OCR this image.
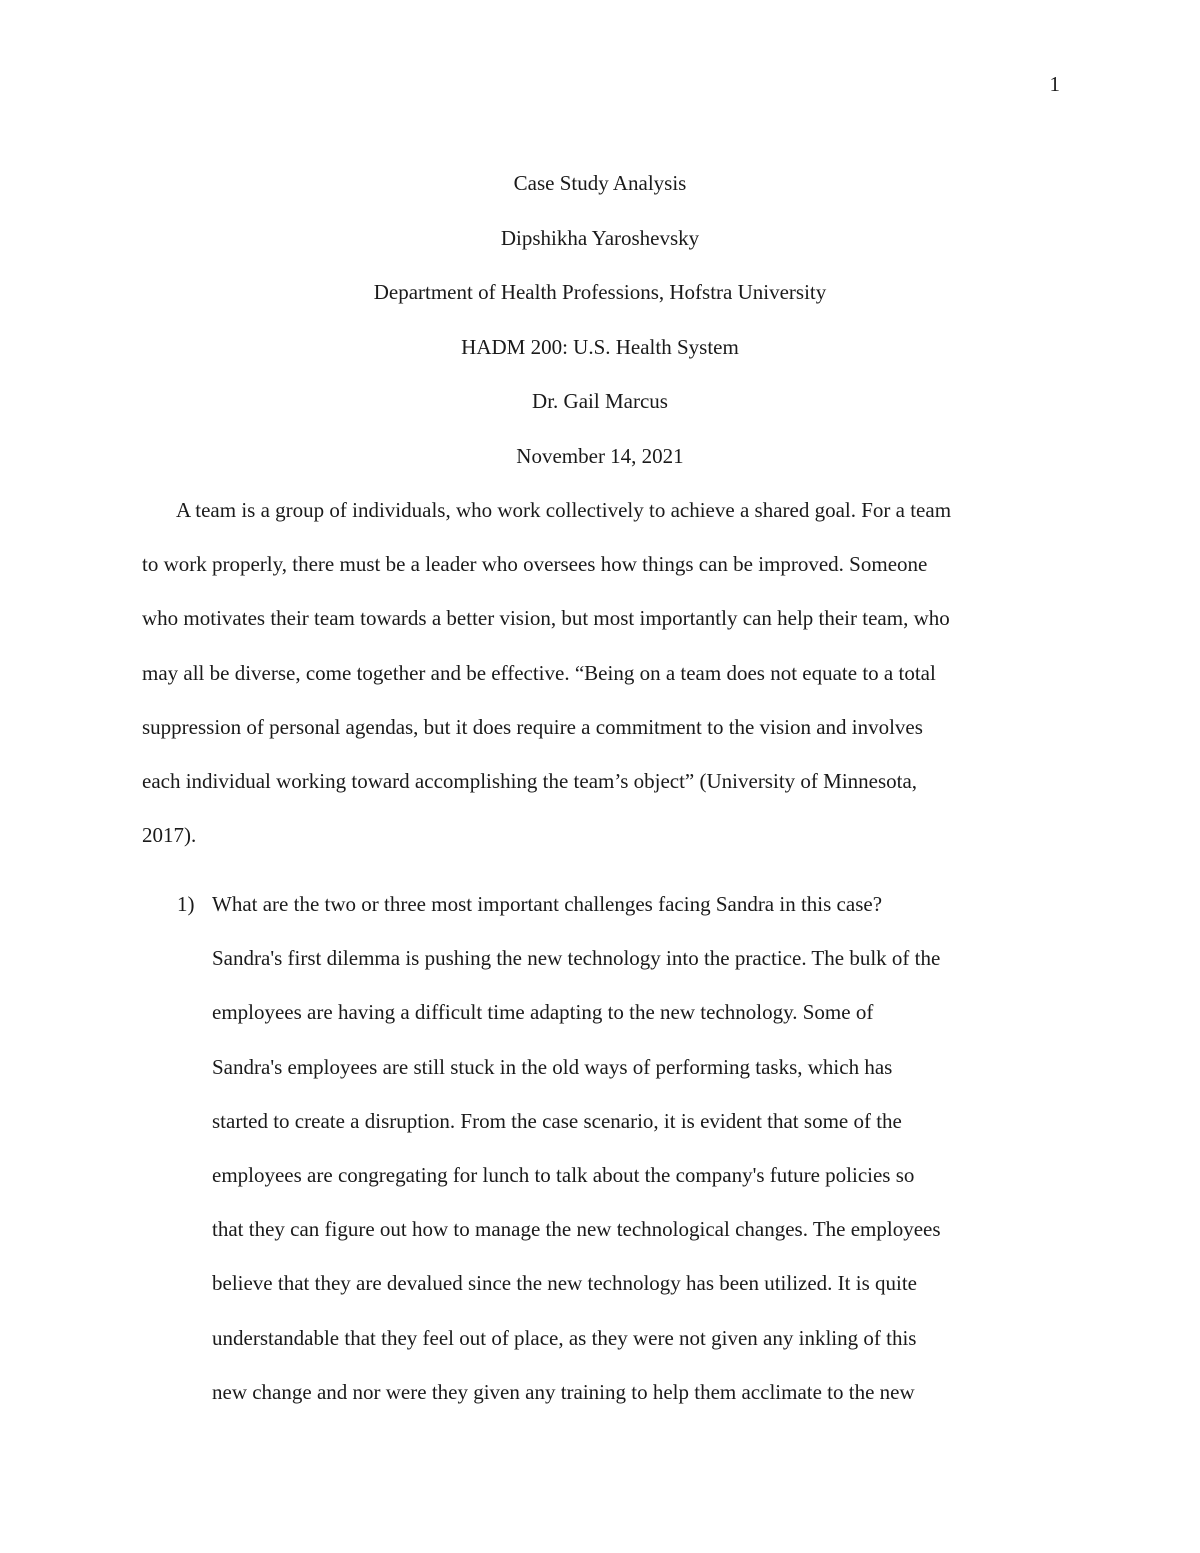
1
Case Study Analysis
Dipshikha Yaroshevsky
Department of Health Professions, Hofstra University
HADM 200: U.S. Health System
Dr. Gail Marcus
November 14, 2021
A team is a group of individuals, who work collectively to achieve a shared goal. For a team
to work properly, there must be a leader who oversees how things can be improved. Someone
who motivates their team towards a better vision, but most importantly can help their team, who
may all be diverse, come together and be effective. “Being on a team does not equate to a total
suppression of personal agendas, but it does require a commitment to the vision and involves
each individual working toward accomplishing the team’s object” (University of Minnesota,
2017).
1) What are the two or three most important challenges facing Sandra in this case?
Sandra's first dilemma is pushing the new technology into the practice. The bulk of the
employees are having a difficult time adapting to the new technology. Some of
Sandra's employees are still stuck in the old ways of performing tasks, which has
started to create a disruption. From the case scenario, it is evident that some of the
employees are congregating for lunch to talk about the company's future policies so
that they can figure out how to manage the new technological changes. The employees
believe that they are devalued since the new technology has been utilized. It is quite
understandable that they feel out of place, as they were not given any inkling of this
new change and nor were they given any training to help them acclimate to the new
